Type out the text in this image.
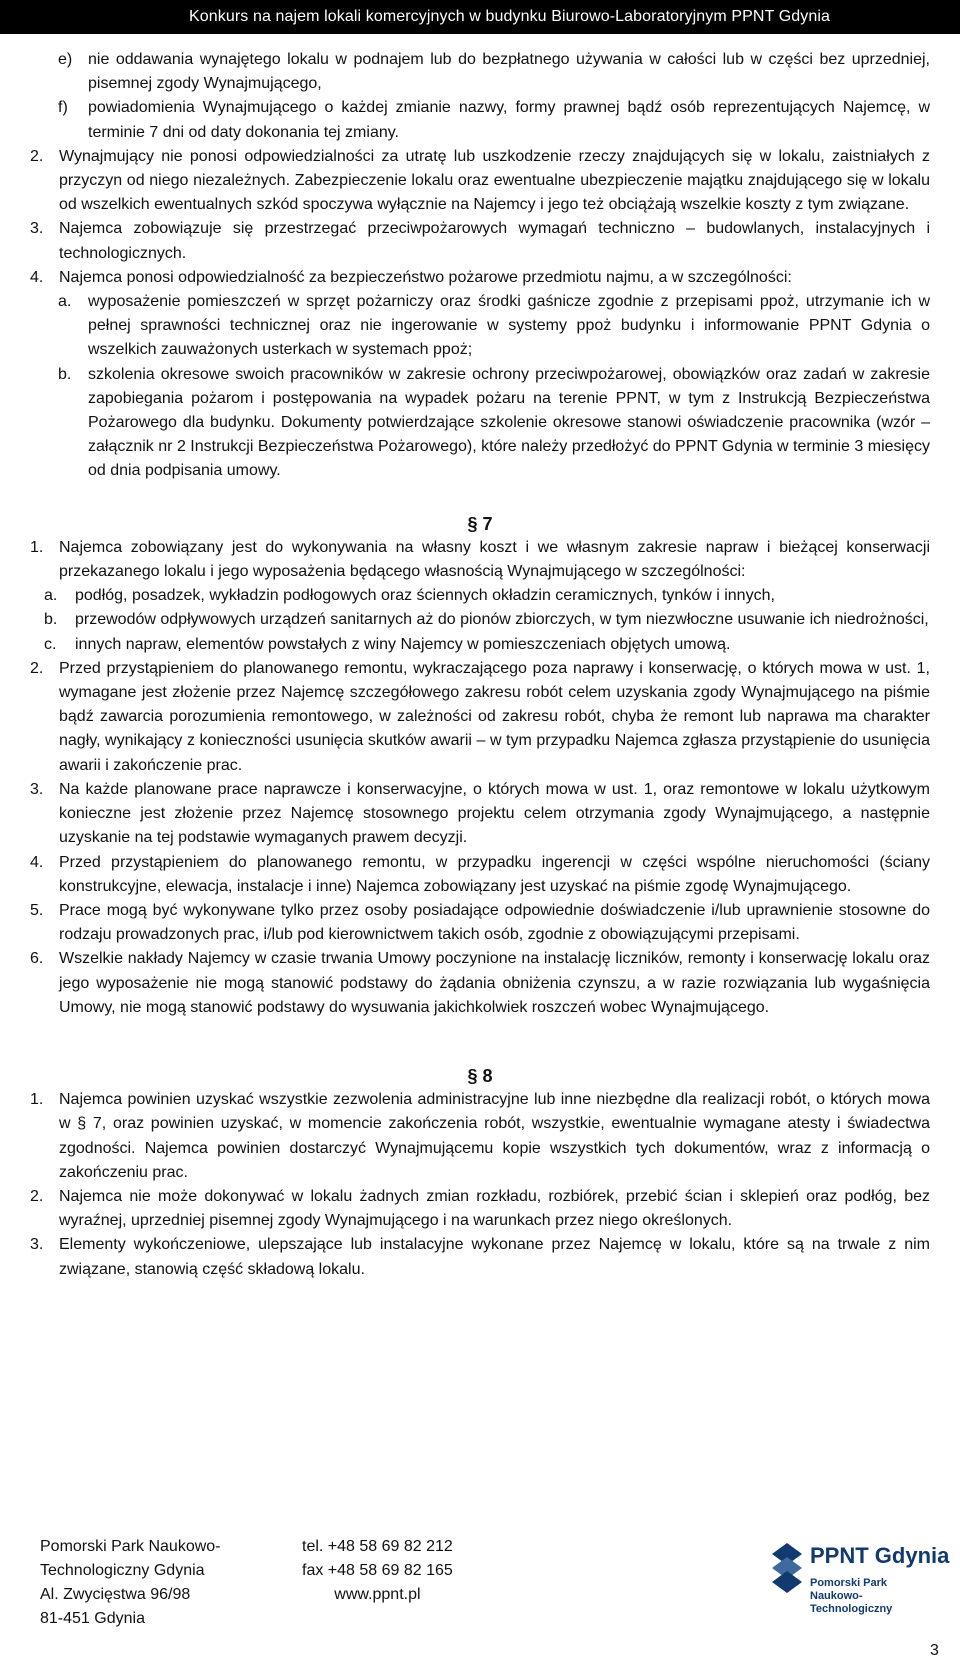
Konkurs na najem lokali komercyjnych w budynku Biurowo-Laboratoryjnym PPNT Gdynia
e) nie oddawania wynajętego lokalu w podnajem lub do bezpłatnego używania w całości lub w części bez uprzedniej, pisemnej zgody Wynajmującego,
f) powiadomienia Wynajmującego o każdej zmianie nazwy, formy prawnej bądź osób reprezentujących Najemcę, w terminie 7 dni od daty dokonania tej zmiany.
2. Wynajmujący nie ponosi odpowiedzialności za utratę lub uszkodzenie rzeczy znajdujących się w lokalu, zaistniałych z przyczyn od niego niezależnych. Zabezpieczenie lokalu oraz ewentualne ubezpieczenie majątku znajdującego się w lokalu od wszelkich ewentualnych szkód spoczywa wyłącznie na Najemcy i jego też obciążają wszelkie koszty z tym związane.
3. Najemca zobowiązuje się przestrzegać przeciwpożarowych wymagań techniczno – budowlanych, instalacyjnych i technologicznych.
4. Najemca ponosi odpowiedzialność za bezpieczeństwo pożarowe przedmiotu najmu, a w szczególności:
a. wyposażenie pomieszczeń w sprzęt pożarniczy oraz środki gaśnicze zgodnie z przepisami ppoż, utrzymanie ich w pełnej sprawności technicznej oraz nie ingerowanie w systemy ppoż budynku i informowanie PPNT Gdynia o wszelkich zauważonych usterkach w systemach ppoż;
b. szkolenia okresowe swoich pracowników w zakresie ochrony przeciwpożarowej, obowiązków oraz zadań w zakresie zapobiegania pożarom i postępowania na wypadek pożaru na terenie PPNT, w tym z Instrukcją Bezpieczeństwa Pożarowego dla budynku. Dokumenty potwierdzające szkolenie okresowe stanowi oświadczenie pracownika (wzór – załącznik nr 2 Instrukcji Bezpieczeństwa Pożarowego), które należy przedłożyć do PPNT Gdynia w terminie 3 miesięcy od dnia podpisania umowy.
§ 7
1. Najemca zobowiązany jest do wykonywania na własny koszt i we własnym zakresie napraw i bieżącej konserwacji przekazanego lokalu i jego wyposażenia będącego własnością Wynajmującego w szczególności:
a. podłóg, posadzek, wykładzin podłogowych oraz ściennych okładzin ceramicznych, tynków i innych,
b. przewodów odpływowych urządzeń sanitarnych aż do pionów zbiorczych, w tym niezwłoczne usuwanie ich niedrożności,
c. innych napraw, elementów powstałych z winy Najemcy w pomieszczeniach objętych umową.
2. Przed przystąpieniem do planowanego remontu, wykraczającego poza naprawy i konserwację, o których mowa w ust. 1, wymagane jest złożenie przez Najemcę szczegółowego zakresu robót celem uzyskania zgody Wynajmującego na piśmie bądź zawarcia porozumienia remontowego, w zależności od zakresu robót, chyba że remont lub naprawa ma charakter nagły, wynikający z konieczności usunięcia skutków awarii – w tym przypadku Najemca zgłasza przystąpienie do usunięcia awarii i zakończenie prac.
3. Na każde planowane prace naprawcze i konserwacyjne, o których mowa w ust. 1, oraz remontowe w lokalu użytkowym konieczne jest złożenie przez Najemcę stosownego projektu celem otrzymania zgody Wynajmującego, a następnie uzyskanie na tej podstawie wymaganych prawem decyzji.
4. Przed przystąpieniem do planowanego remontu, w przypadku ingerencji w części wspólne nieruchomości (ściany konstrukcyjne, elewacja, instalacje i inne) Najemca zobowiązany jest uzyskać na piśmie zgodę Wynajmującego.
5. Prace mogą być wykonywane tylko przez osoby posiadające odpowiednie doświadczenie i/lub uprawnienie stosowne do rodzaju prowadzonych prac, i/lub pod kierownictwem takich osób, zgodnie z obowiązującymi przepisami.
6. Wszelkie nakłady Najemcy w czasie trwania Umowy poczynione na instalację liczników, remonty i konserwację lokalu oraz jego wyposażenie nie mogą stanowić podstawy do żądania obniżenia czynszu, a w razie rozwiązania lub wygaśnięcia Umowy, nie mogą stanowić podstawy do wysuwania jakichkolwiek roszczeń wobec Wynajmującego.
§ 8
1. Najemca powinien uzyskać wszystkie zezwolenia administracyjne lub inne niezbędne dla realizacji robót, o których mowa w § 7, oraz powinien uzyskać, w momencie zakończenia robót, wszystkie, ewentualnie wymagane atesty i świadectwa zgodności. Najemca powinien dostarczyć Wynajmującemu kopie wszystkich tych dokumentów, wraz z informacją o zakończeniu prac.
2. Najemca nie może dokonywać w lokalu żadnych zmian rozkładu, rozbiórek, przebić ścian i sklepień oraz podłóg, bez wyraźnej, uprzedniej pisemnej zgody Wynajmującego i na warunkach przez niego określonych.
3. Elementy wykończeniowe, ulepszające lub instalacyjne wykonane przez Najemcę w lokalu, które są na trwale z nim związane, stanowią część składową lokalu.
Pomorski Park Naukowo-
Technologiczny Gdynia
Al. Zwycięstwa 96/98
81-451 Gdynia
tel. +48 58 69 82 212
fax +48 58 69 82 165
www.ppnt.pl
PPNT Gdynia
Pomorski Park
Naukowo-Technologiczny
3
